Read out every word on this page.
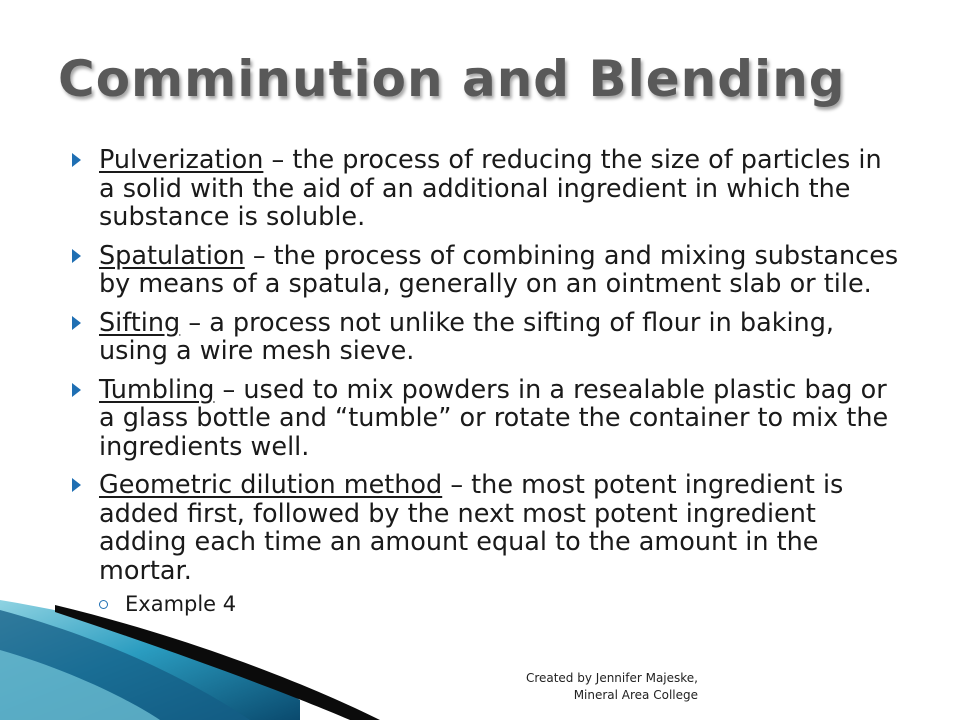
Comminution and Blending
Pulverization – the process of reducing the size of particles in a solid with the aid of an additional ingredient in which the substance is soluble.
Spatulation – the process of combining and mixing substances by means of a spatula, generally on an ointment slab or tile.
Sifting – a process not unlike the sifting of flour in baking, using a wire mesh sieve.
Tumbling – used to mix powders in a resealable plastic bag or a glass bottle and “tumble” or rotate the container to mix the ingredients well.
Geometric dilution method – the most potent ingredient is added first, followed by the next most potent ingredient adding each time an amount equal to the amount in the mortar.
Example 4
Created by Jennifer Majeske,
Mineral Area College
